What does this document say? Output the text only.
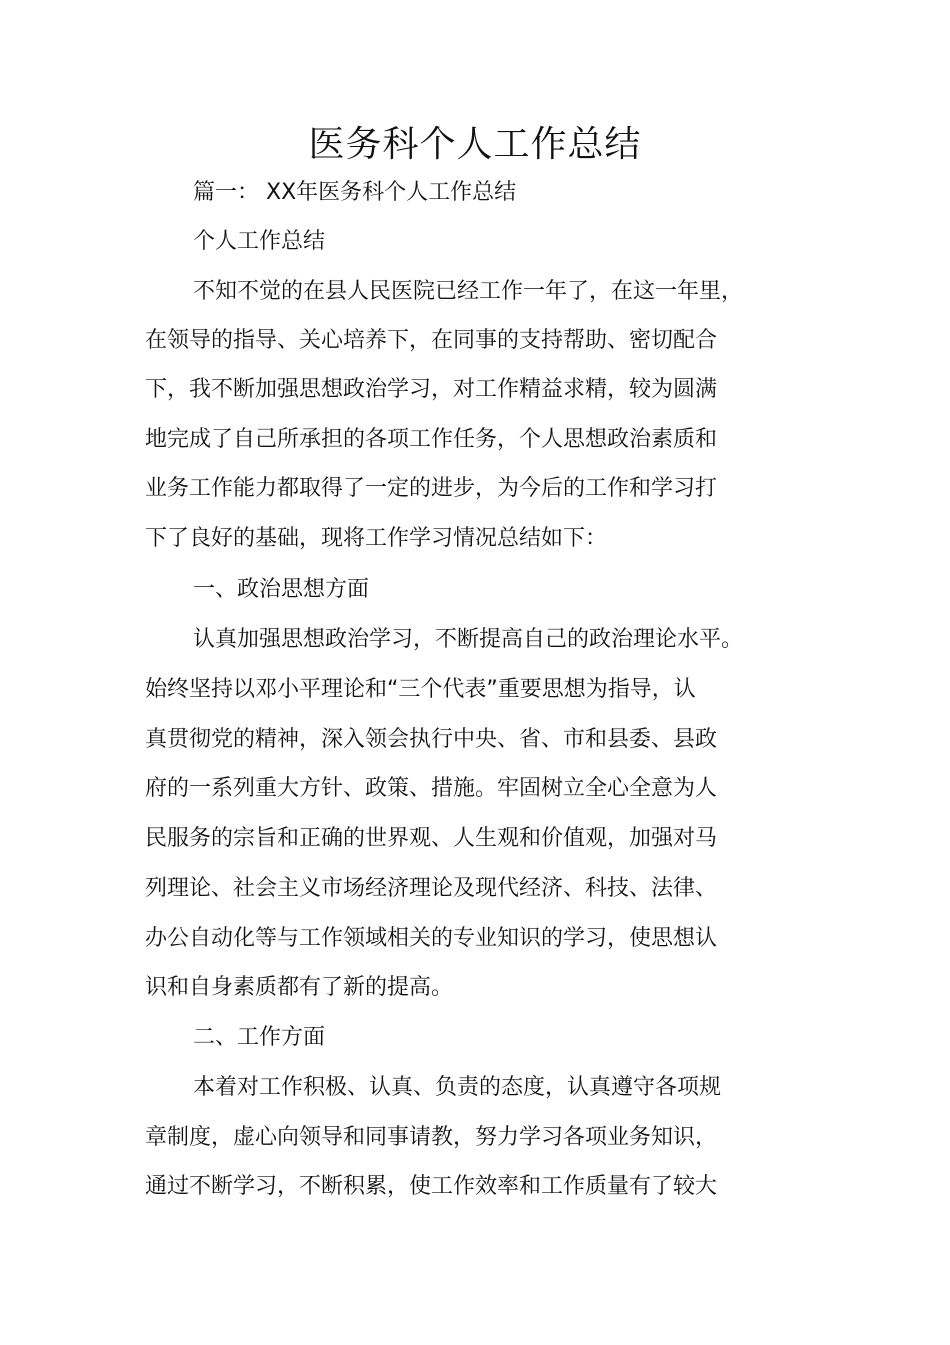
医务科个人工作总结

篇一： XX年医务科个人工作总结

个人工作总结

不知不觉的在县人民医院已经工作一年了，在这一年里，

在领导的指导、关心培养下，在同事的支持帮助、密切配合

下，我不断加强思想政治学习，对工作精益求精，较为圆满

地完成了自己所承担的各项工作任务，个人思想政治素质和

业务工作能力都取得了一定的进步，为今后的工作和学习打

下了良好的基础，现将工作学习情况总结如下：

一、政治思想方面

认真加强思想政治学习，不断提高自己的政治理论水平。

始终坚持以邓小平理论和“三个代表”重要思想为指导，认

真贯彻党的精神，深入领会执行中央、省、市和县委、县政

府的一系列重大方针、政策、措施。牢固树立全心全意为人

民服务的宗旨和正确的世界观、人生观和价值观，加强对马

列理论、社会主义市场经济理论及现代经济、科技、法律、

办公自动化等与工作领域相关的专业知识的学习，使思想认

识和自身素质都有了新的提高。

二、工作方面

本着对工作积极、认真、负责的态度，认真遵守各项规

章制度，虚心向领导和同事请教，努力学习各项业务知识，

通过不断学习，不断积累，使工作效率和工作质量有了较大
